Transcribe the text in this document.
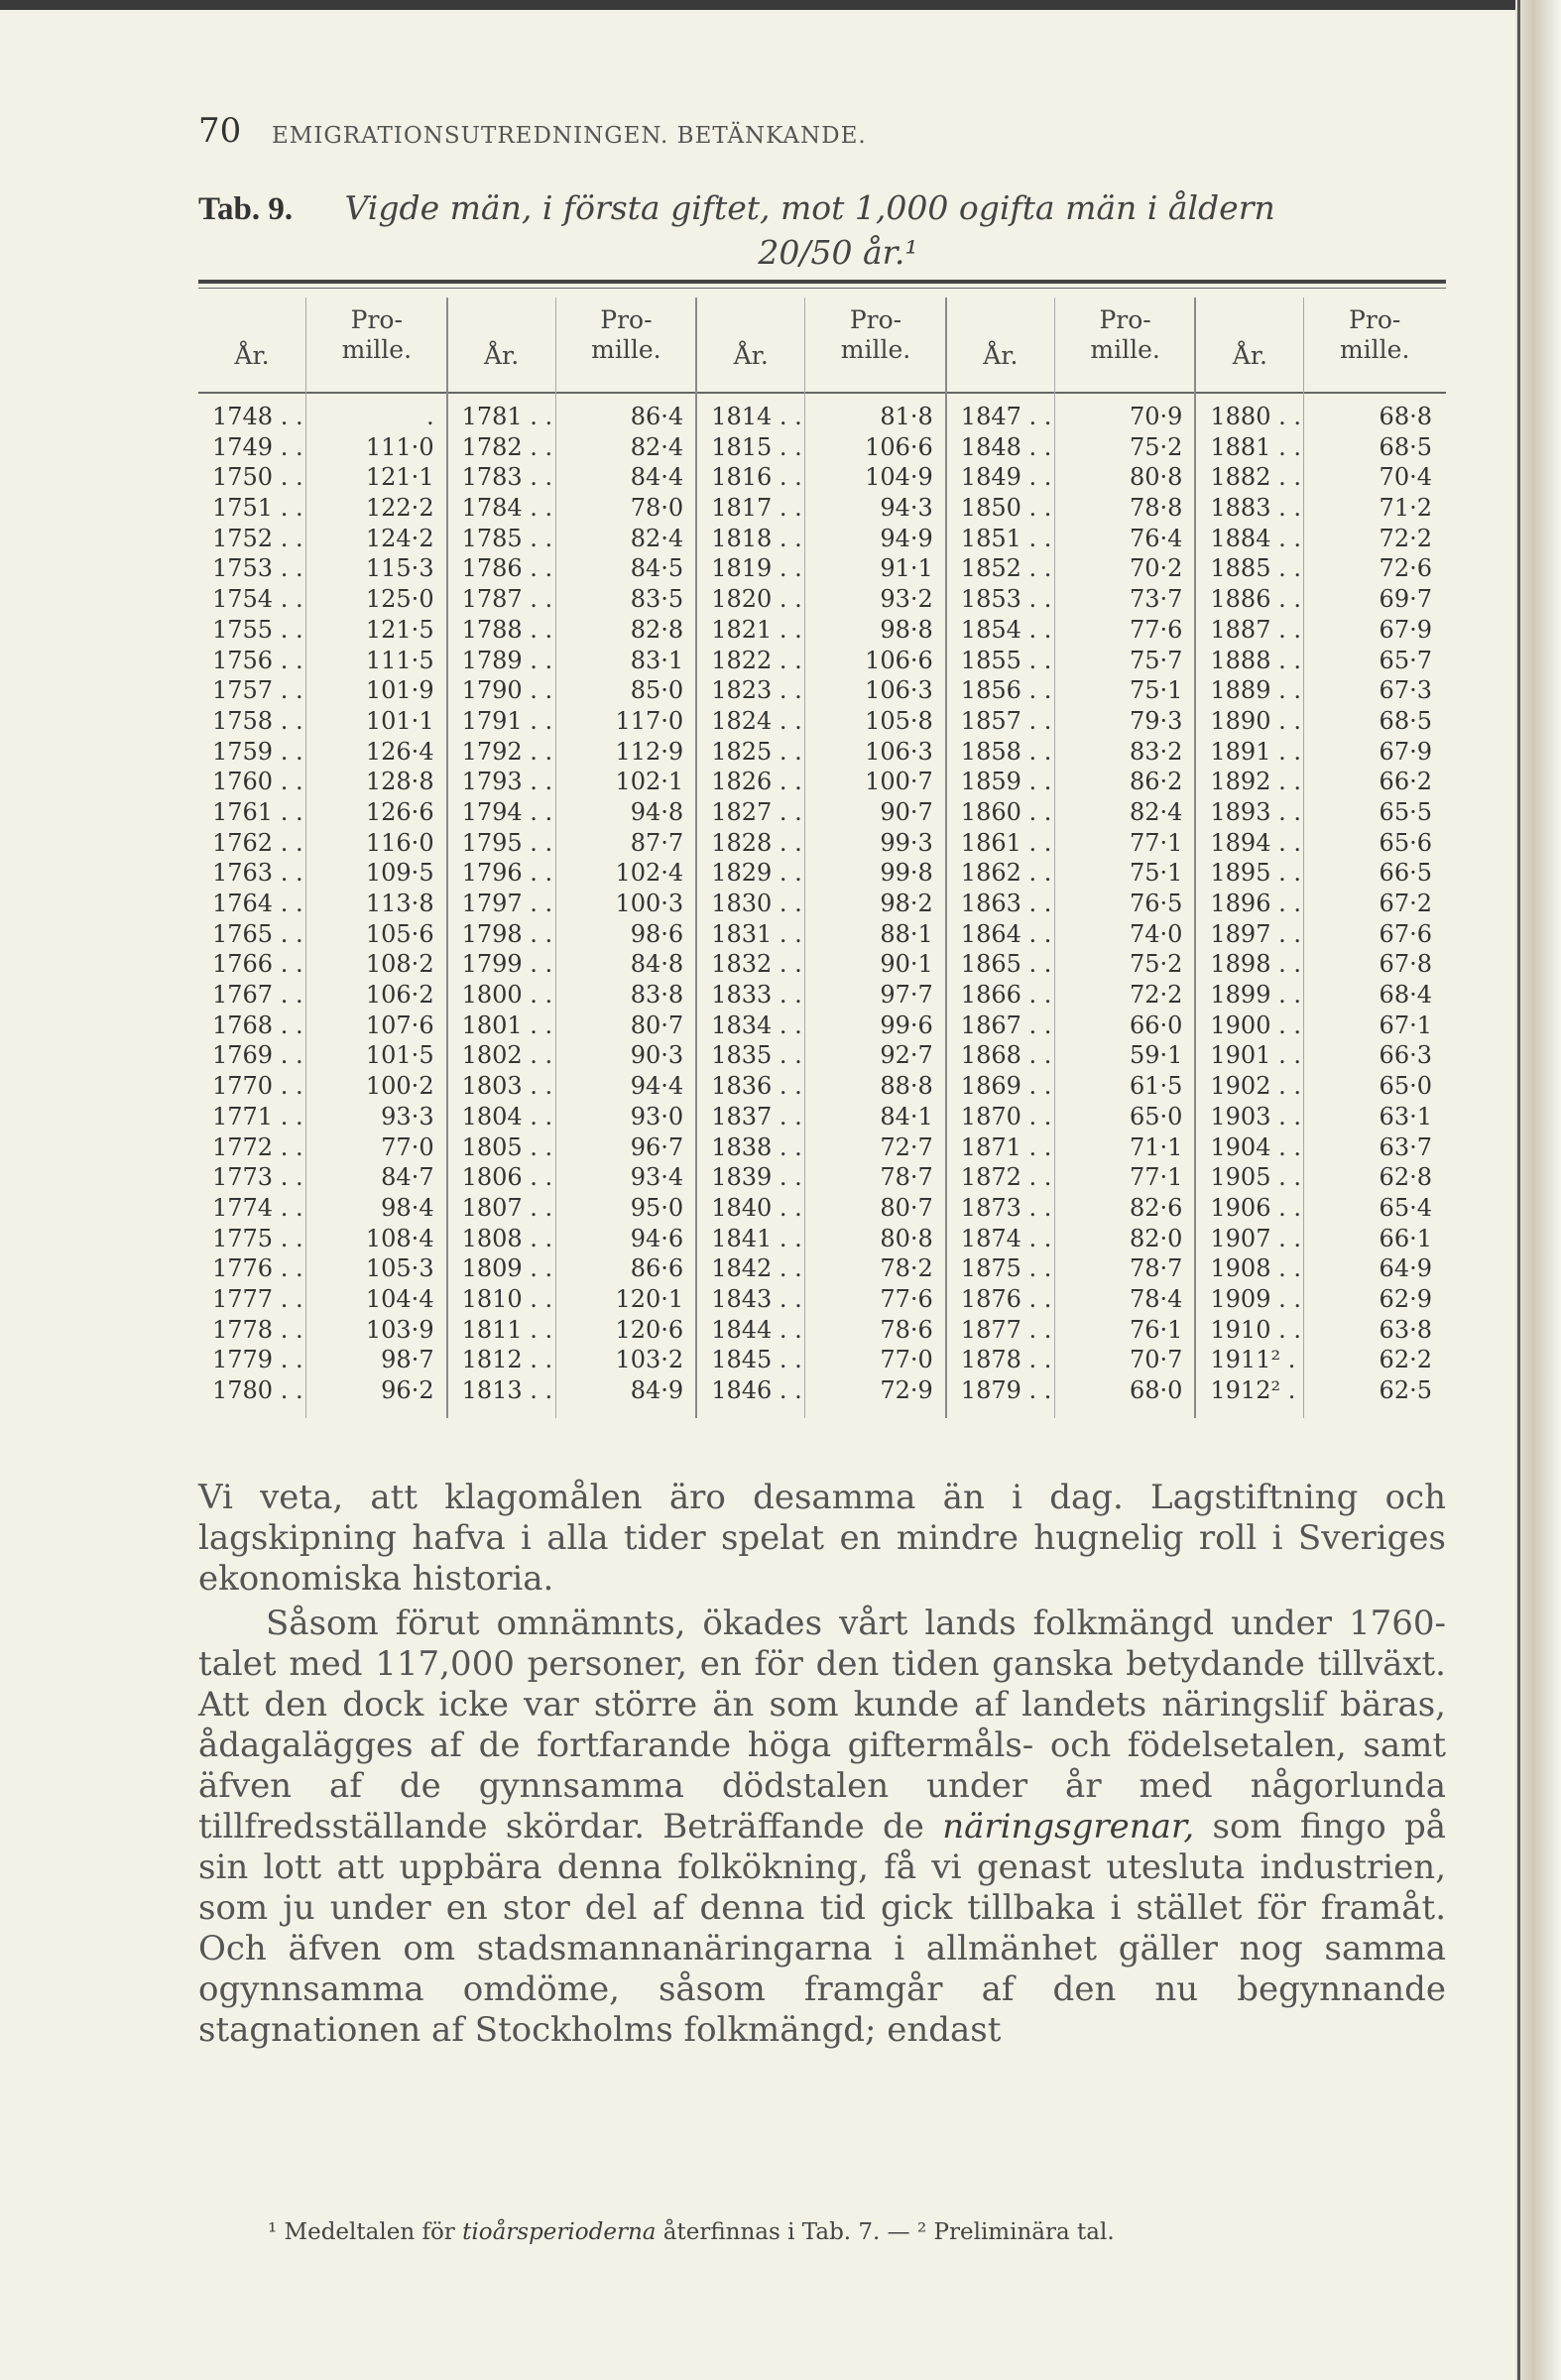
70 EMIGRATIONSUTREDNINGEN. BETÄNKANDE.
Tab. 9. Vigde män, i första giftet, mot 1,000 ogifta män i åldern
20/50 år.¹
År.
Pro-
mille.	År.
Pro-
mille.	År.
Pro-
mille.	År.
Pro-
mille.	År.
Pro-
mille.
1748 . .	. 1781 . .	86·4 1814 . .	81·8 1847 . .	70·9 1880 . .	68·8
1749 . .	111·0 1782 . .	82·4 1815 . .	106·6 1848 . .	75·2 1881 . .	68·5
1750 . .	121·1 1783 . .	84·4 1816 . .	104·9 1849 . .	80·8 1882 . .	70·4
1751 . .	122·2 1784 . .	78·0 1817 . .	94·3 1850 . .	78·8 1883 . .	71·2
1752 . .	124·2 1785 . .	82·4 1818 . .	94·9 1851 . .	76·4 1884 . .	72·2
1753 . .	115·3 1786 . .	84·5 1819 . .	91·1 1852 . .	70·2 1885 . .	72·6
1754 . .	125·0 1787 . .	83·5 1820 . .	93·2 1853 . .	73·7 1886 . .	69·7
1755 . .	121·5 1788 . .	82·8 1821 . .	98·8 1854 . .	77·6 1887 . .	67·9
1756 . .	111·5 1789 . .	83·1 1822 . .	106·6 1855 . .	75·7 1888 . .	65·7
1757 . .	101·9 1790 . .	85·0 1823 . .	106·3 1856 . .	75·1 1889 . .	67·3
1758 . .	101·1 1791 . .	117·0 1824 . .	105·8 1857 . .	79·3 1890 . .	68·5
1759 . .	126·4 1792 . .	112·9 1825 . .	106·3 1858 . .	83·2 1891 . .	67·9
1760 . .	128·8 1793 . .	102·1 1826 . .	100·7 1859 . .	86·2 1892 . .	66·2
1761 . .	126·6 1794 . .	94·8 1827 . .	90·7 1860 . .	82·4 1893 . .	65·5
1762 . .	116·0 1795 . .	87·7 1828 . .	99·3 1861 . .	77·1 1894 . .	65·6
1763 . .	109·5 1796 . .	102·4 1829 . .	99·8 1862 . .	75·1 1895 . .	66·5
1764 . .	113·8 1797 . .	100·3 1830 . .	98·2 1863 . .	76·5 1896 . .	67·2
1765 . .	105·6 1798 . .	98·6 1831 . .	88·1 1864 . .	74·0 1897 . .	67·6
1766 . .	108·2 1799 . .	84·8 1832 . .	90·1 1865 . .	75·2 1898 . .	67·8
1767 . .	106·2 1800 . .	83·8 1833 . .	97·7 1866 . .	72·2 1899 . .	68·4
1768 . .	107·6 1801 . .	80·7 1834 . .	99·6 1867 . .	66·0 1900 . .	67·1
1769 . .	101·5 1802 . .	90·3 1835 . .	92·7 1868 . .	59·1 1901 . .	66·3
1770 . .	100·2 1803 . .	94·4 1836 . .	88·8 1869 . .	61·5 1902 . .	65·0
1771 . .	93·3 1804 . .	93·0 1837 . .	84·1 1870 . .	65·0 1903 . .	63·1
1772 . .	77·0 1805 . .	96·7 1838 . .	72·7 1871 . .	71·1 1904 . .	63·7
1773 . .	84·7 1806 . .	93·4 1839 . .	78·7 1872 . .	77·1 1905 . .	62·8
1774 . .	98·4 1807 . .	95·0 1840 . .	80·7 1873 . .	82·6 1906 . .	65·4
1775 . .	108·4 1808 . .	94·6 1841 . .	80·8 1874 . .	82·0 1907 . .	66·1
1776 . .	105·3 1809 . .	86·6 1842 . .	78·2 1875 . .	78·7 1908 . .	64·9
1777 . .	104·4 1810 . .	120·1 1843 . .	77·6 1876 . .	78·4 1909 . .	62·9
1778 . .	103·9 1811 . .	120·6 1844 . .	78·6 1877 . .	76·1 1910 . .	63·8
1779 . .	98·7 1812 . .	103·2 1845 . .	77·0 1878 . .	70·7 1911² .	62·2
1780 . .	96·2 1813 . .	84·9 1846 . .	72·9 1879 . .	68·0 1912² .	62·5
Vi veta, att klagomålen äro desamma än i dag. Lagstiftning och lagskipning hafva i alla tider spelat en mindre hugnelig roll i Sveriges ekonomiska historia.
Såsom förut omnämnts, ökades vårt lands folkmängd under 1760-talet med 117,000 personer, en för den tiden ganska betydande tillväxt. Att den dock icke var större än som kunde af landets näringslif bäras, ådagalägges af de fortfarande höga giftermåls- och födelsetalen, samt äfven af de gynnsamma dödstalen under år med någorlunda tillfredsställande skördar. Beträffande de näringsgrenar, som fingo på sin lott att uppbära denna folkökning, få vi genast utesluta industrien, som ju under en stor del af denna tid gick tillbaka i stället för framåt. Och äfven om stadsmannanäringarna i allmänhet gäller nog samma ogynnsamma omdöme, såsom framgår af den nu begynnande stagnationen af Stockholms folkmängd; endast
¹ Medeltalen för tioårsperioderna återfinnas i Tab. 7. — ² Preliminära tal.
